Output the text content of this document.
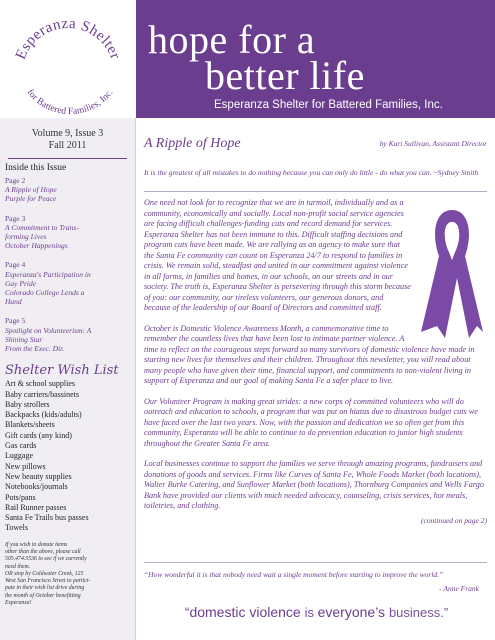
Esperanza Shelter
for Battered Families, Inc.
hope for a
better life
Esperanza Shelter for Battered Families, Inc.
Volume 9, Issue 3
Fall 2011
Inside this Issue
Page 2
A Ripple of Hope
Purple for Peace
Page 3
A Commitment to Trans-
forming Lives
October Happenings
Page 4
Esperanza's Participation in
Gay Pride
Colorado College Lends a
Hand
Page 5
Spotlight on Volunteerism: A
Shining Star
From the Exec. Dir.
Shelter Wish List
Art & school supplies
Baby carriers/bassinets
Baby strollers
Backpacks (kids/adults)
Blankets/sheets
Gift cards (any kind)
Gas cards
Luggage
New pillows
New beauty supplies
Notebooks/journals
Pots/pans
Rail Runner passes
Santa Fe Trails bus passes
Towels
If you wish to donate items
other than the above, please call
505.474.5536 to see if we currently
need them.
OR stop by Coldwater Creek, 125
West San Francisco Street to partici-
pate in their wish list drive during
the month of October benefitting
Esperanza!
A Ripple of Hope	by Kari Sullivan, Assistant Director
It is the greatest of all mistakes to do nothing because you can only do little - do what you can. ~Sydney Smith

One need not look far to recognize that we are in turmoil, individually and as a community, economically and socially. Local non-profit social service agencies are facing difficult challenges-funding cuts and record demand for services. Esperanza Shelter has not been immune to this. Difficult staffing decisions and program cuts have been made. We are rallying as an agency to make sure that the Santa Fe community can count on Esperanza 24/7 to respond to families in crisis. We remain solid, steadfast and united in our commitment against violence in all forms, in families and homes, in our schools, on our streets and in our society. The truth is, Esperanza Shelter is persevering through this storm because of you: our community, our tireless volunteers, our generous donors, and because of the leadership of our Board of Directors and committed staff.

October is Domestic Violence Awareness Month, a commemorative time to remember the countless lives that have been lost to intimate partner violence. A time to reflect on the courageous steps forward so many survivors of domestic violence have made in starting new lives for themselves and their children. Throughout this newsletter, you will read about many people who have given their time, financial support, and commitments to non-violent living in support of Esperanza and our goal of making Santa Fe a safer place to live.

Our Volunteer Program is making great strides: a new corps of committed volunteers who will do outreach and education to schools, a program that was put on hiatus due to disastrous budget cuts we have faced over the last two years. Now, with the passion and dedication we so often get from this community, Esperanza will be able to continue to do prevention education to junior high students throughout the Greater Santa Fe area.

Local businesses continue to support the families we serve through amazing programs, fundraisers and donations of goods and services. Firms like Curves of Santa Fe, Whole Foods Market (both locations), Walter Burke Catering, and Sunflower Market (both locations), Thornburg Companies and Wells Fargo Bank have provided our clients with much needed advocacy, counseling, crisis services, hot meals, toiletries, and clothing.

(continued on page 2)
“How wonderful it is that nobody need wait a single moment before starting to improve the world.”
- Anne Frank
“domestic violence is everyone’s business.”
